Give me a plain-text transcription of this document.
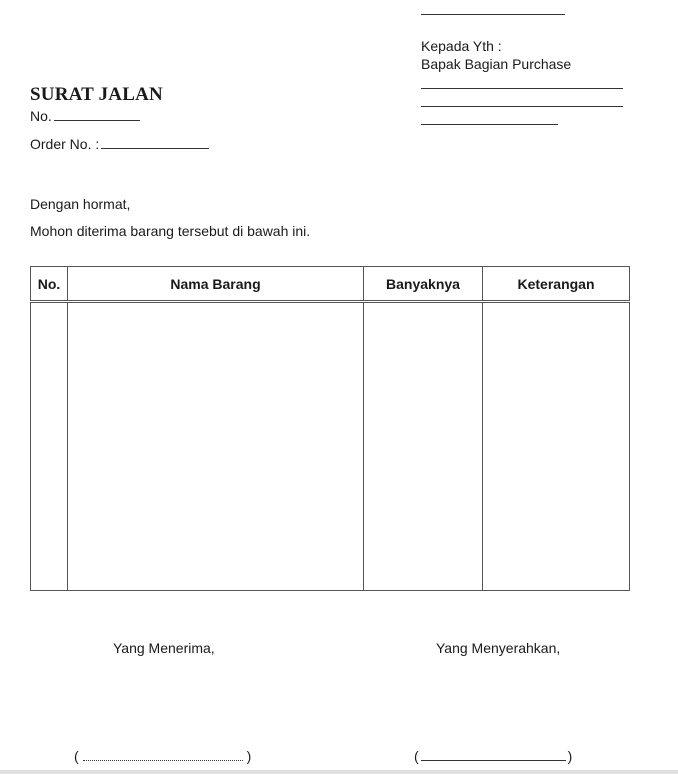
Kepada Yth :
Bapak Bagian Purchase
SURAT JALAN
No.
Order No. :
Dengan hormat,
Mohon diterima barang tersebut di bawah ini.
No.	Nama Barang	Banyaknya	Keterangan

Yang Menerima,	Yang Menyerahkan,
(	)	(	)
